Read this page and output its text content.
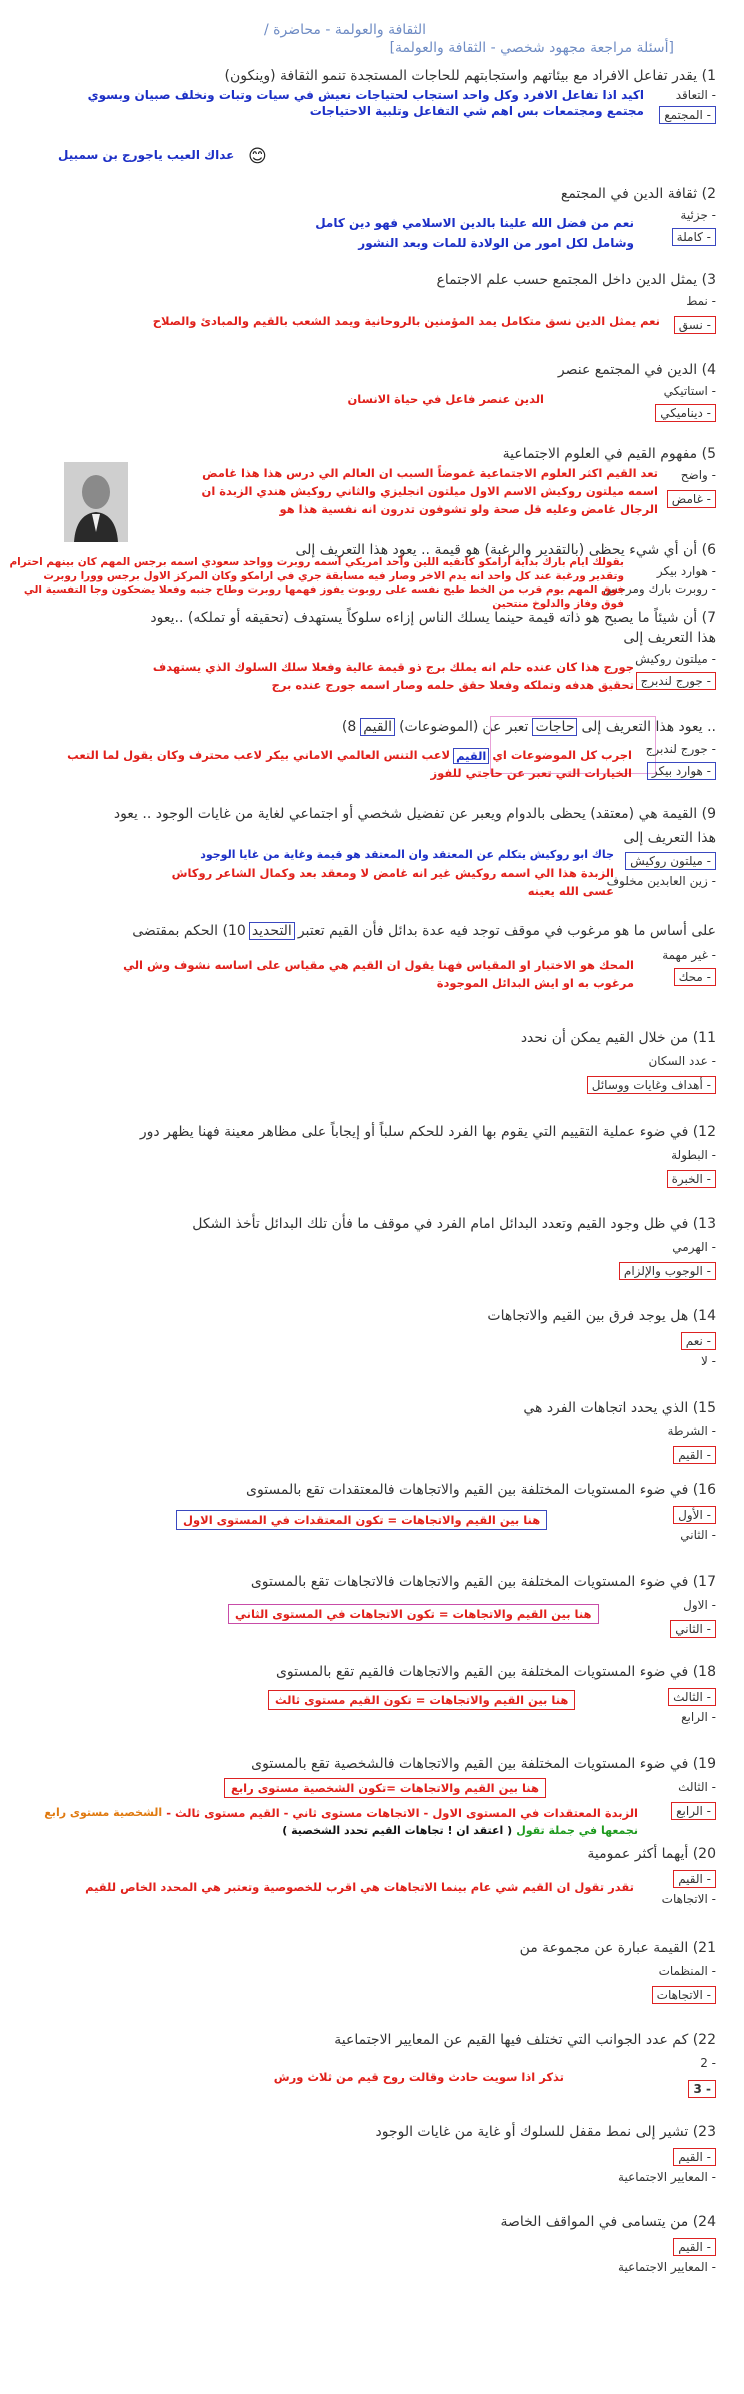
الثقافة والعولمة - محاضرة /
[أسئلة مراجعة مجهود شخصي - الثقافة والعولمة]
1) يقدر تفاعل الافراد مع بيئاتهم واستجابتهم للحاجات المستجدة تنمو الثقافة (وينكون)
- التعاقد
- المجتمع
اكيد اذا تفاعل الافرد وكل واحد استجاب لحتياجات نعيش في سيات وتبات ونخلف صبيان وبسوي
مجتمع ومجتمعات بس اهم شي التفاعل وتلبية الاحتياجات
😊
عداك العيب ياجورج بن سمبيل
2) ثقافة الدين في المجتمع
- جزئية
- كاملة
نعم من فضل الله علينا بالدين الاسلامي فهو دين كامل
وشامل لكل امور من الولادة للمات وبعد النشور
3) يمثل الدين داخل المجتمع حسب علم الاجتماع
- نمط
- نسق
نعم يمثل الدين نسق متكامل يمد المؤمنين بالروحانية ويمد الشعب بالقيم والمبادئ والصلاح
4) الدين في المجتمع عنصر
- استاتيكي
- ديناميكي
الدين عنصر فاعل في حياة الانسان
5) مفهوم القيم في العلوم الاجتماعية
- واضح
- غامض
تعد القيم اكثر العلوم الاجتماعية غموضاً السبب ان العالم الي درس هذا هذا غامض
اسمه ميلتون روكيش الاسم الاول ميلتون انجليزي والثاني روكيش هندي الزبدة ان
الرجال غامض وعليه قل صحة ولو تشوفون تدرون انه نفسية هذا هو
6) أن أي شيء يحظى (بالتقدير والرغبة) هو قيمة .. يعود هذا التعريف إلى
- هوارد بيكر
- روبرت بارك ومرجس
بقولك ايام بارك بداية أرامكو كانقيه اللين وأحد امريكي اسمه روبرت وواحد سعودي اسمه برجس المهم كان بينهم احترام
وتقدير ورغبة عند كل واحد انه يدم الاخر وصار فيه مسابقة جري في ارامكو وكان المركز الاول برجس وورا روبرت
فوق المهم يوم قرب من الخط طيح نفسه على روبوت يفوز فهمها روبرت وطاح جنبه وفعلا يضحكون وجا التفسية الي
فوق وفاز والدلوخ منتحين
7) أن شيئاً ما يصبح هو ذاته قيمة حينما يسلك الناس إزاءه سلوكاً يستهدف (تحقيقه أو تملكه) ..يعود
هذا التعريف إلى
- ميلتون روكيش
- جورج لندبرج
جورج هذا كان عنده حلم انه يملك برج ذو قيمة عالية وفعلا سلك السلوك الذي يستهدف
تحقيق هدفه وتملكه وفعلا حقق حلمه وصار اسمه جورج عنده برج
8) القيم (الموضوعات) تعبر عن حاجات .. يعود هذا التعريف إلى
- جورج لندبرج
- هوارد بيكر
لاعب التنس العالمي الاماني بيكر لاعب محترف وكان يقول لما التعب القيم اجرب كل الموضوعات اي
الخيارات التي تعبر عن حاجتي للفوز
9) القيمة هي (معتقد) يحظى بالدوام ويعبر عن تفضيل شخصي أو اجتماعي لغاية من غايات الوجود .. يعود
هذا التعريف إلى
- ميلتون روكيش
- زين العابدين مخلوف
جاك ابو روكيش يتكلم عن المعتقد وان المعتقد هو قيمة وغاية من غايا الوجود
الزبدة هذا الي اسمه روكيش غير انه غامض لا ومعقد بعد وكمال الشاعر روكاش
عسى الله يعينه
10) الحكم بمقتضى التحديد على أساس ما هو مرغوب في موقف توجد فيه عدة بدائل فأن القيم تعتبر
- غير مهمة
- محك
المحك هو الاختبار او المقياس فهنا يقول ان القيم هي مقياس على اساسه نشوف وش الي
مرغوب به او ايش البدائل الموجودة
11) من خلال القيم يمكن أن نحدد
- عدد السكان
- أهداف وغايات ووسائل
12) في ضوء عملية التقييم التي يقوم بها الفرد للحكم سلباً أو إيجاباً على مظاهر معينة فهنا يظهر دور
- البطولة
- الخبرة
13) في ظل وجود القيم وتعدد البدائل امام الفرد في موقف ما فأن تلك البدائل تأخذ الشكل
- الهرمي
- الوجوب والإلزام
14) هل يوجد فرق بين القيم والاتجاهات
- نعم
- لا
15) الذي يحدد اتجاهات الفرد هي
- الشرطة
- القيم
16) في ضوء المستويات المختلفة بين القيم والاتجاهات فالمعتقدات تقع بالمستوى
- الأول
- الثاني
هنا بين القيم والاتجاهات = تكون المعتقدات في المستوى الاول
17) في ضوء المستويات المختلفة بين القيم والاتجاهات فالاتجاهات تقع بالمستوى
- الاول
- الثاني
هنا بين القيم والاتجاهات = تكون الاتجاهات في المستوى الثاني
18) في ضوء المستويات المختلفة بين القيم والاتجاهات فالقيم تقع بالمستوى
- الثالث
- الرابع
هنا بين القيم والاتجاهات = تكون القيم مستوى ثالث
19) في ضوء المستويات المختلفة بين القيم والاتجاهات فالشخصية تقع بالمستوى
- الثالث
- الرابع
هنا بين القيم والاتجاهات =تكون الشخصية مستوى رابع
الزبدة المعتقدات في المستوى الاول - الاتجاهات مستوى ثاني - القيم مستوى ثالث -
الشخصية مستوى رابع
نجمعها في جملة تقول
( اعتقد ان ! تجاهات القيم تحدد الشخصية )
20) أيهما أكثر عمومية
- القيم
- الاتجاهات
تقدر تقول ان القيم شي عام بينما الاتجاهات هي اقرب للخصوصية وتعتبر هي المحدد الخاص للقيم
21) القيمة عبارة عن مجموعة من
- المنظمات
- الاتجاهات
22) كم عدد الجوانب التي تختلف فيها القيم عن المعايير الاجتماعية
- 2
- 3
تذكر اذا سويت حادث وقالت روح قيم من ثلاث ورش
23) تشير إلى نمط مقفل للسلوك أو غاية من غايات الوجود
- القيم
- المعايير الاجتماعية
24) من يتسامى في المواقف الخاصة
- القيم
- المعايير الاجتماعية
